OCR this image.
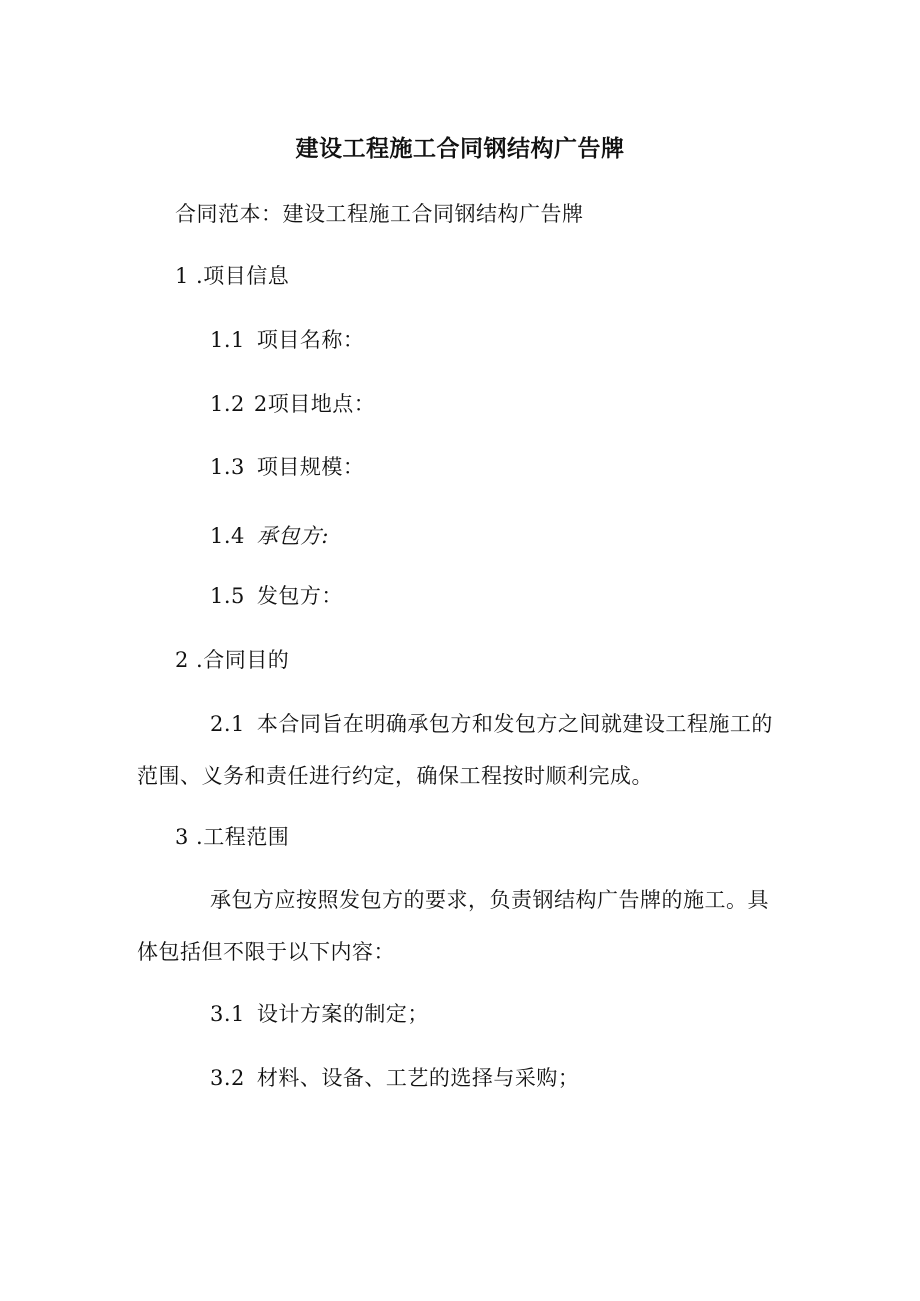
建设工程施工合同钢结构广告牌
合同范本：建设工程施工合同钢结构广告牌
1 .项目信息
1.1 项目名称：
1.2 2项目地点：
1.3 项目规模：
1.4 承包方:
1.5 发包方：
2 .合同目的
2.1 本合同旨在明确承包方和发包方之间就建设工程施工的
范围、义务和责任进行约定，确保工程按时顺利完成。
3 .工程范围
承包方应按照发包方的要求，负责钢结构广告牌的施工。具
体包括但不限于以下内容：
3.1 设计方案的制定；
3.2 材料、设备、工艺的选择与采购；
